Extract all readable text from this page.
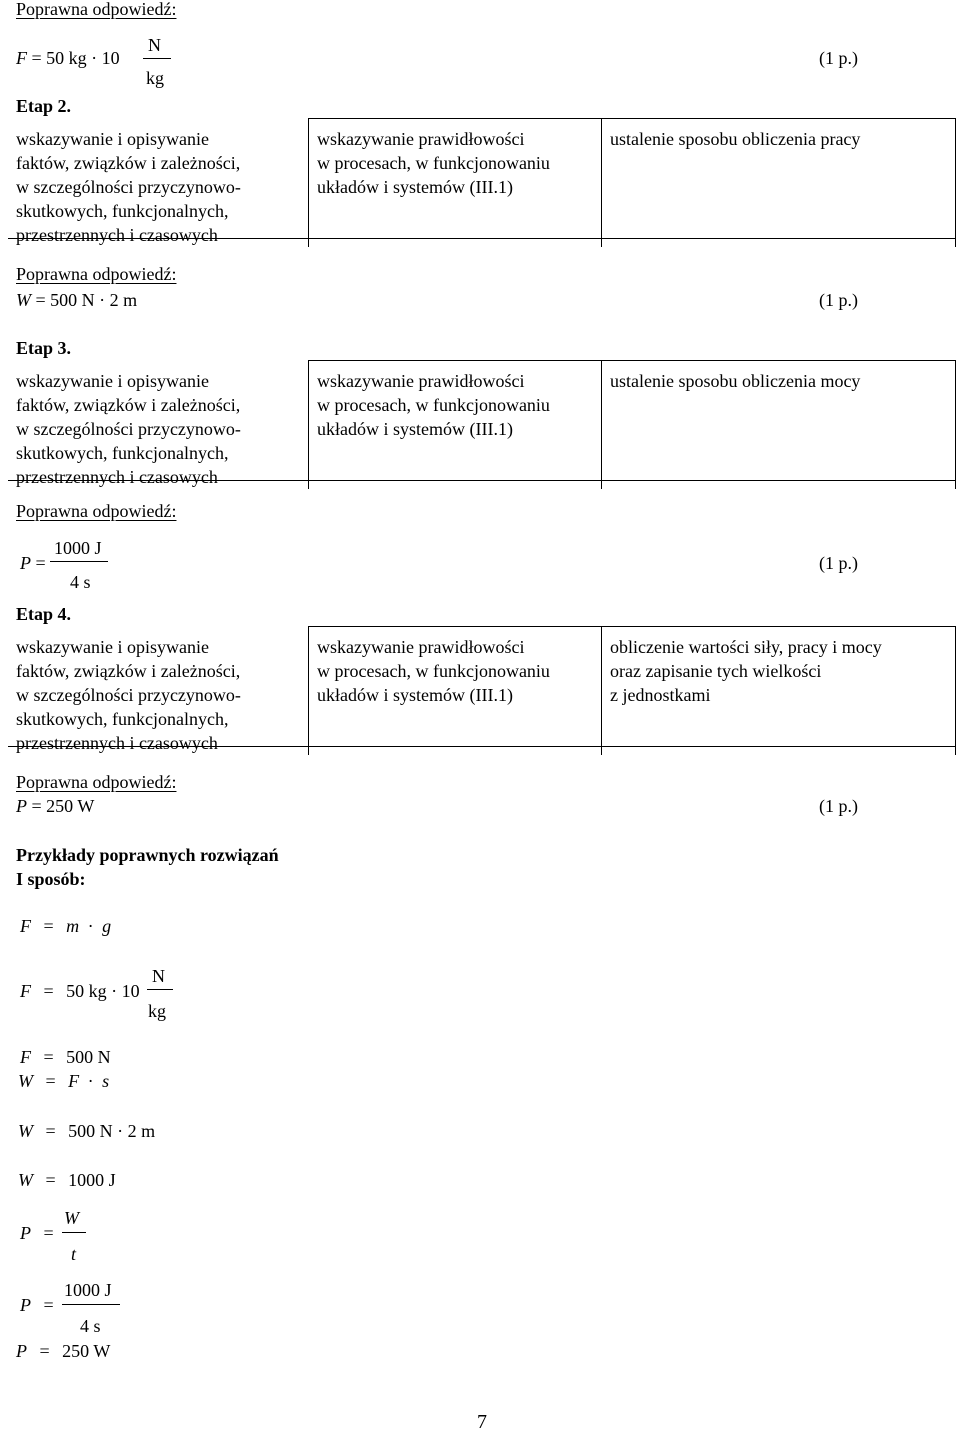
Poprawna odpowiedź:
F = 50 kg · 10
N
kg
(1 p.)
Etap 2.
wskazywanie i opisywanie
faktów, związków i zależności,
w szczególności przyczynowo-
skutkowych, funkcjonalnych,
przestrzennych i czasowych
wskazywanie prawidłowości
w procesach, w funkcjonowaniu
układów i systemów (III.1)
ustalenie sposobu obliczenia pracy
Poprawna odpowiedź:
W = 500 N · 2 m	(1 p.)
Etap 3.
wskazywanie i opisywanie
faktów, związków i zależności,
w szczególności przyczynowo-
skutkowych, funkcjonalnych,
przestrzennych i czasowych
wskazywanie prawidłowości
w procesach, w funkcjonowaniu
układów i systemów (III.1)
ustalenie sposobu obliczenia mocy
Poprawna odpowiedź:
P =
1000 J
4 s
(1 p.)
Etap 4.
wskazywanie i opisywanie
faktów, związków i zależności,
w szczególności przyczynowo-
skutkowych, funkcjonalnych,
przestrzennych i czasowych
wskazywanie prawidłowości
w procesach, w funkcjonowaniu
układów i systemów (III.1)
obliczenie wartości siły, pracy i mocy
oraz zapisanie tych wielkości
z jednostkami
Poprawna odpowiedź:
P = 250 W	(1 p.)
Przykłady poprawnych rozwiązań
I sposób:
F = m · g
F = 50 kg · 10
N
kg
F = 500 N
W = F · s
W = 500 N · 2 m
W = 1000 J
P =
W
t
P =
1000 J
4 s
P = 250 W
7
